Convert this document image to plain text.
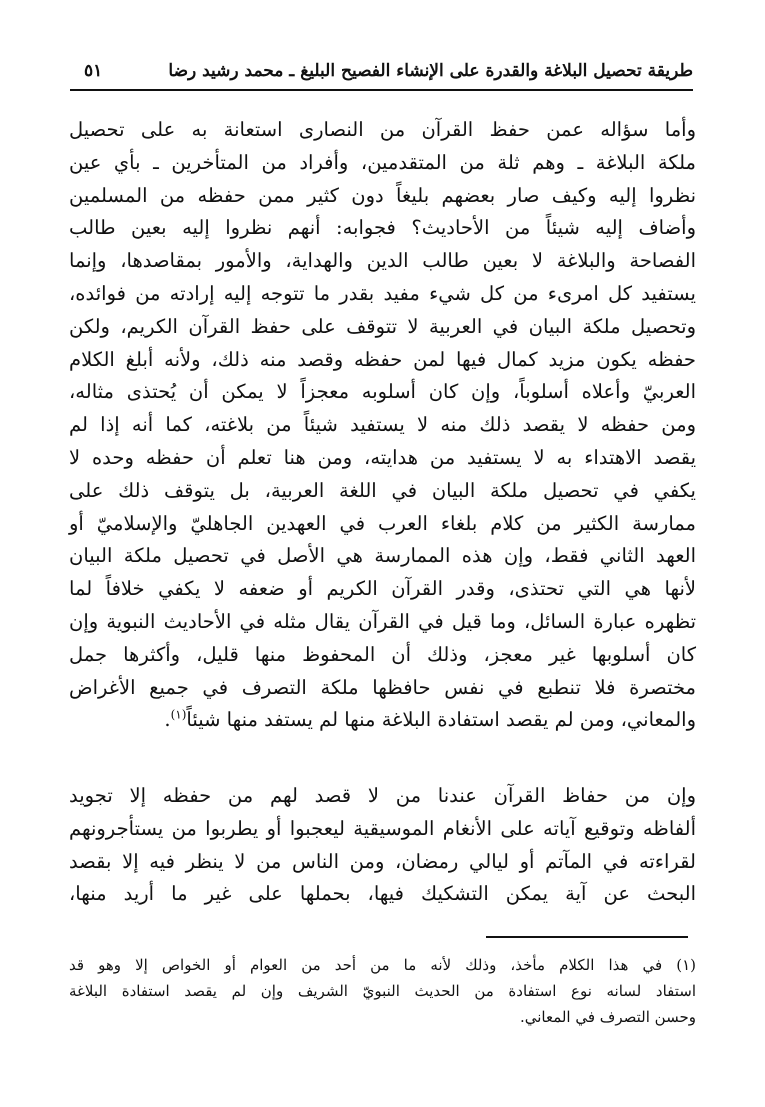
طريقة تحصيل البلاغة والقدرة على الإنشاء الفصيح البليغ ـ محمد رشيد رضا
٥١
وأما سؤاله عمن حفظ القرآن من النصارى استعانة به على تحصيل
ملكة البلاغة ـ وهم ثلة من المتقدمين، وأفراد من المتأخرين ـ بأي عين
نظروا إليه وكيف صار بعضهم بليغاً دون كثير ممن حفظه من المسلمين
وأضاف إليه شيئاً من الأحاديث؟ فجوابه: أنهم نظروا إليه بعين طالب
الفصاحة والبلاغة لا بعين طالب الدين والهداية، والأمور بمقاصدها، وإنما
يستفيد كل امرىء من كل شيء مفيد بقدر ما تتوجه إليه إرادته من فوائده،
وتحصيل ملكة البيان في العربية لا تتوقف على حفظ القرآن الكريم، ولكن
حفظه يكون مزيد كمال فيها لمن حفظه وقصد منه ذلك، ولأنه أبلغ الكلام
العربيّ وأعلاه أسلوباً، وإن كان أسلوبه معجزاً لا يمكن أن يُحتذى مثاله،
ومن حفظه لا يقصد ذلك منه لا يستفيد شيئاً من بلاغته، كما أنه إذا لم
يقصد الاهتداء به لا يستفيد من هدايته، ومن هنا تعلم أن حفظه وحده لا
يكفي في تحصيل ملكة البيان في اللغة العربية، بل يتوقف ذلك على
ممارسة الكثير من كلام بلغاء العرب في العهدين الجاهليّ والإسلاميّ أو
العهد الثاني فقط، وإن هذه الممارسة هي الأصل في تحصيل ملكة البيان
لأنها هي التي تحتذى، وقدر القرآن الكريم أو ضعفه لا يكفي خلافاً لما
تظهره عبارة السائل، وما قيل في القرآن يقال مثله في الأحاديث النبوية وإن
كان أسلوبها غير معجز، وذلك أن المحفوظ منها قليل، وأكثرها جمل
مختصرة فلا تنطبع في نفس حافظها ملكة التصرف في جميع الأغراض
والمعاني، ومن لم يقصد استفادة البلاغة منها لم يستفد منها شيئاً$^{(١)}$.
وإن من حفاظ القرآن عندنا من لا قصد لهم من حفظه إلا تجويد
ألفاظه وتوقيع آياته على الأنغام الموسيقية ليعجبوا أو يطربوا من يستأجرونهم
لقراءته في المآتم أو ليالي رمضان، ومن الناس من لا ينظر فيه إلا بقصد
البحث عن آية يمكن التشكيك فيها، بحملها على غير ما أريد منها،
(١) في هذا الكلام مأخذ، وذلك لأنه ما من أحد من العوام أو الخواص إلا وهو قد
استفاد لسانه نوع استفادة من الحديث النبويّ الشريف وإن لم يقصد استفادة البلاغة
وحسن التصرف في المعاني.
